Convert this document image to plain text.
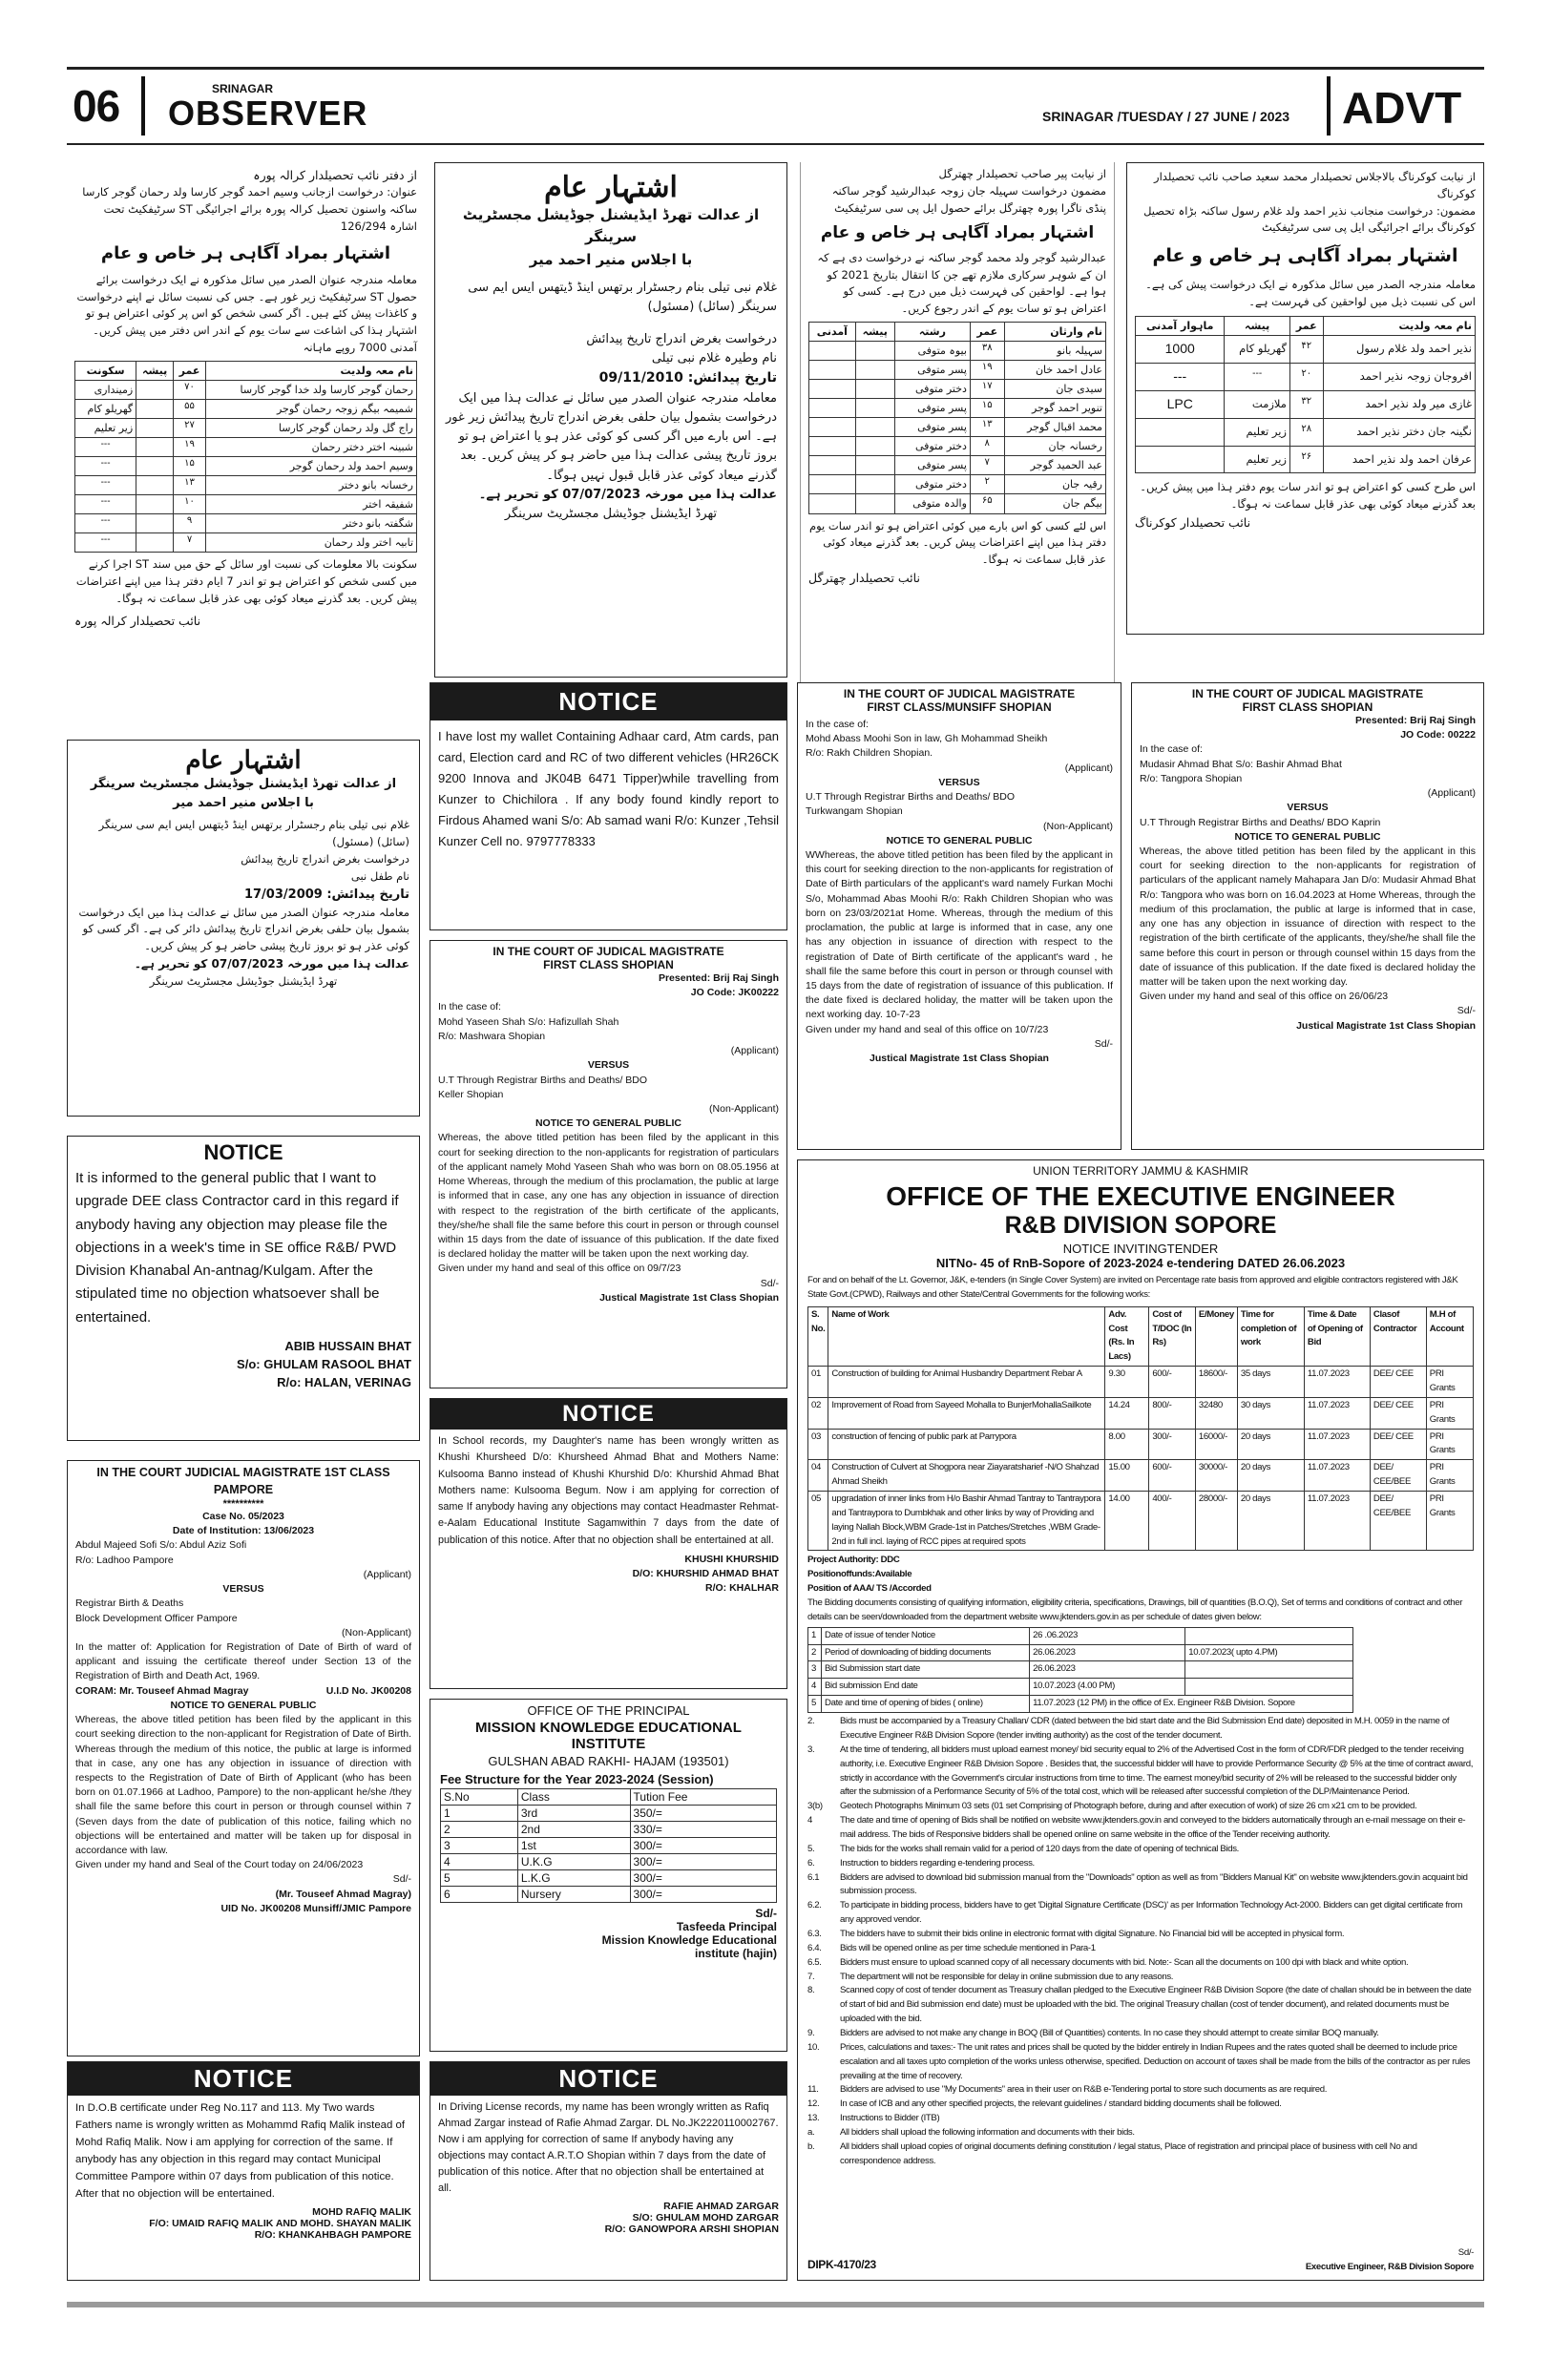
06	SRINAGAR
OBSERVER	SRINAGAR /TUESDAY / 27 JUNE / 2023 ADVT
از دفتر نائب تحصیلدار کرالہ پورہ
عنوان: درخواست ازجانب وسیم احمد گوجر کارسا ولد رحمان گوجر کارسا ساکنہ واسنون تحصیل کرالہ پورہ برائے اجرائیگی ST سرٹیفکیٹ تحت اشارہ 126/294
اشتہار بمراد آگاہی ہر خاص و عام
معاملہ مندرجہ عنوان الصدر میں سائل مذکورہ نے ایک درخواست برائے حصول ST سرٹیفکیٹ زیر غور ہے۔ جس کی نسبت سائل نے اپنے درخواست و کاغذات پیش کئے ہیں۔ اگر کسی شخص کو اس پر کوئی اعتراض ہو تو اشتہار ہذا کی اشاعت سے سات یوم کے اندر اس دفتر میں پیش کریں۔ آمدنی 7000 روپے ماہانہ
نام معہ ولدیت	عمر	پیشہ	سکونت
رحمان گوجر کارسا ولد خدا گوجر کارسا	۷۰		زمینداری
شمیمہ بیگم زوجہ رحمان گوجر	۵۵		گھریلو کام
راج گل ولد رحمان گوجر کارسا	۲۷		زیر تعلیم
شبینہ اختر دختر رحمان	۱۹		---
وسیم احمد ولد رحمان گوجر	۱۵		---
رخسانہ بانو دختر	۱۳		---
شفیقہ اختر	۱۰		---
شگفتہ بانو دختر	۹		---
تابیہ اختر ولد رحمان	۷		---
سکونت بالا معلومات کی نسبت اور سائل کے حق میں سند ST اجرا کرنے میں کسی شخص کو اعتراض ہو تو اندر 7 ایام دفتر ہذا میں اپنے اعتراضات پیش کریں۔ بعد گذرنے میعاد کوئی بھی عذر قابل سماعت نہ ہوگا۔
نائب تحصیلدار کرالہ پورہ
اشتہار عام
از عدالت تھرڈ ایڈیشنل جوڈیشل مجسٹریٹ سرینگر
با اجلاس منیر احمد میر
غلام نبی تیلی بنام رجسٹرار برتھس اینڈ ڈیتھس ایس ایم سی سرینگر (سائل) (مسئول)
درخواست بغرض اندراج تاریخ پیدائش
نام وطیرہ غلام نبی تیلی
تاریخ پیدائش: 09/11/2010
معاملہ مندرجہ عنوان الصدر میں سائل نے عدالت ہذا میں ایک درخواست بشمول بیان حلفی بغرض اندراج تاریخ پیدائش زیر غور ہے۔ اس بارے میں اگر کسی کو کوئی عذر ہو یا اعتراض ہو تو بروز تاریخ پیشی عدالت ہذا میں حاضر ہو کر پیش کریں۔ بعد گذرنے میعاد کوئی عذر قابل قبول نہیں ہوگا۔
عدالت ہذا میں مورخہ 07/07/2023 کو تحریر ہے۔
تھرڈ ایڈیشنل جوڈیشل مجسٹریٹ سرینگر
از نیابت پیر صاحب تحصیلدار چھترگل
مضمون درخواست سہیلہ جان زوجہ عبدالرشید گوجر ساکنہ پنڈی ناگرا پورہ چھترگل برائے حصول ایل پی سی سرٹیفکیٹ
اشتہار بمراد آگاہی ہر خاص و عام
عبدالرشید گوجر ولد محمد گوجر ساکنہ نے درخواست دی ہے کہ ان کے شوہر سرکاری ملازم تھے جن کا انتقال بتاریخ 2021 کو ہوا ہے۔ لواحقین کی فہرست ذیل میں درج ہے۔ کسی کو اعتراض ہو تو سات یوم کے اندر رجوع کریں۔
نام وارثان	عمر	رشتہ	پیشہ	آمدنی
سہیلہ بانو	۳۸	بیوہ متوفی		
عادل احمد خان	۱۹	پسر متوفی		
سیدی جان	۱۷	دختر متوفی		
تنویر احمد گوجر	۱۵	پسر متوفی		
محمد اقبال گوجر	۱۳	پسر متوفی		
رخسانہ جان	۸	دختر متوفی		
عبد الحمید گوجر	۷	پسر متوفی		
رقیہ جان	۲	دختر متوفی		
بیگم جان	۶۵	والدہ متوفی		
اس لئے کسی کو اس بارے میں کوئی اعتراض ہو تو اندر سات یوم دفتر ہذا میں اپنے اعتراضات پیش کریں۔ بعد گذرنے میعاد کوئی عذر قابل سماعت نہ ہوگا۔
نائب تحصیلدار چھترگل
از نیابت کوکرناگ بالاجلاس تحصیلدار محمد سعید صاحب نائب تحصیلدار کوکرناگ
مضمون: درخواست منجانب نذیر احمد ولد غلام رسول ساکنہ بڑاہ تحصیل کوکرناگ برائے اجرائیگی ایل پی سی سرٹیفکیٹ
اشتہار بمراد آگاہی ہر خاص و عام
معاملہ مندرجہ الصدر میں سائل مذکورہ نے ایک درخواست پیش کی ہے۔ اس کی نسبت ذیل میں لواحقین کی فہرست ہے۔
نام معہ ولدیت	عمر	پیشہ	ماہوار آمدنی
نذیر احمد ولد غلام رسول	۴۲	گھریلو کام	1000
افروجان زوجہ نذیر احمد	۲۰	---	---
غازی میر ولد نذیر احمد	۳۲	ملازمت	LPC
نگینہ جان دختر نذیر احمد	۲۸	زیر تعلیم	
عرفان احمد ولد نذیر احمد	۲۶	زیر تعلیم	
اس طرح کسی کو اعتراض ہو تو اندر سات یوم دفتر ہذا میں پیش کریں۔ بعد گذرنے میعاد کوئی بھی عذر قابل سماعت نہ ہوگا۔
نائب تحصیلدار کوکرناگ
اشتہار عام
از عدالت تھرڈ ایڈیشنل جوڈیشل مجسٹریٹ سرینگر
با اجلاس منیر احمد میر
غلام نبی تیلی بنام رجسٹرار برتھس اینڈ ڈیتھس ایس ایم سی سرینگر (سائل) (مسئول)
درخواست بغرض اندراج تاریخ پیدائش
نام طفل نبی
تاریخ پیدائش: 17/03/2009
معاملہ مندرجہ عنوان الصدر میں سائل نے عدالت ہذا میں ایک درخواست بشمول بیان حلفی بغرض اندراج تاریخ پیدائش دائر کی ہے۔ اگر کسی کو کوئی عذر ہو تو بروز تاریخ پیشی حاضر ہو کر پیش کریں۔
عدالت ہذا میں مورخہ 07/07/2023 کو تحریر ہے۔
تھرڈ ایڈیشنل جوڈیشل مجسٹریٹ سرینگر
NOTICE
I have lost my wallet Containing Adhaar card, Atm cards, pan card, Election card and RC of two different vehicles (HR26CK 9200 Innova and JK04B 6471 Tipper)while travelling from Kunzer to Chichilora . If any body found kindly report to Firdous Ahamed wani S/o: Ab samad wani R/o: Kunzer ,Tehsil Kunzer Cell no. 9797778333
IN THE COURT OF JUDICAL MAGISTRATE
FIRST CLASS/MUNSIFF SHOPIAN
In the case of:
Mohd Abass Moohi Son in law, Gh Mohammad Sheikh
R/o: Rakh Children Shopian.
(Applicant)
VERSUS
U.T Through Registrar Births and Deaths/ BDO
Turkwangam Shopian
(Non-Applicant)
NOTICE TO GENERAL PUBLIC
WWhereas, the above titled petition has been filed by the applicant in this court for seeking direction to the non-applicants for registration of Date of Birth particulars of the applicant's ward namely Furkan Mochi S/o, Mohammad Abas Moohi R/o: Rakh Children Shopian who was born on 23/03/2021at Home. Whereas, through the medium of this proclamation, the public at large is informed that in case, any one has any objection in issuance of direction with respect to the registration of Date of Birth certificate of the applicant's ward , he shall file the same before this court in person or through counsel with 15 days from the date of registration of issuance of this publication. If the date fixed is declared holiday, the matter will be taken upon the next working day. 10-7-23
Given under my hand and seal of this office on 10/7/23
Sd/-
Justical Magistrate 1st Class Shopian
IN THE COURT OF JUDICAL MAGISTRATE
FIRST CLASS SHOPIAN
Presented: Brij Raj Singh
JO Code: 00222
In the case of:
Mudasir Ahmad Bhat S/o: Bashir Ahmad Bhat
R/o: Tangpora Shopian
(Applicant)
VERSUS
U.T Through Registrar Births and Deaths/ BDO Kaprin
NOTICE TO GENERAL PUBLIC
Whereas, the above titled petition has been filed by the applicant in this court for seeking direction to the non-applicants for registration of particulars of the applicant namely Mahapara Jan D/o: Mudasir Ahmad Bhat R/o: Tangpora who was born on 16.04.2023 at Home Whereas, through the medium of this proclamation, the public at large is informed that in case, any one has any objection in issuance of direction with respect to the registration of the birth certificate of the applicants, they/she/he shall file the same before this court in person or through counsel within 15 days from the date of issuance of this publication. If the date fixed is declared holiday the matter will be taken upon the next working day.
Given under my hand and seal of this office on 26/06/23
Sd/-
Justical Magistrate 1st Class Shopian
IN THE COURT OF JUDICAL MAGISTRATE
FIRST CLASS SHOPIAN
Presented: Brij Raj Singh
JO Code: JK00222
In the case of:
Mohd Yaseen Shah S/o: Hafizullah Shah
R/o: Mashwara Shopian
(Applicant)
VERSUS
U.T Through Registrar Births and Deaths/ BDO
Keller Shopian
(Non-Applicant)
NOTICE TO GENERAL PUBLIC
Whereas, the above titled petition has been filed by the applicant in this court for seeking direction to the non-applicants for registration of particulars of the applicant namely Mohd Yaseen Shah who was born on 08.05.1956 at Home Whereas, through the medium of this proclamation, the public at large is informed that in case, any one has any objection in issuance of direction with respect to the registration of the birth certificate of the applicants, they/she/he shall file the same before this court in person or through counsel within 15 days from the date of issuance of this publication. If the date fixed is declared holiday the matter will be taken upon the next working day.
Given under my hand and seal of this office on 09/7/23
Sd/-
Justical Magistrate 1st Class Shopian
NOTICE
It is informed to the general public that I want to upgrade DEE class Contractor card in this regard if anybody having any objection may please file the objections in a week's time in SE office R&B/ PWD Division Khanabal An-antnag/Kulgam. After the stipulated time no objection whatsoever shall be entertained.
ABIB HUSSAIN BHAT
S/o: GHULAM RASOOL BHAT
R/o: HALAN, VERINAG
UNION TERRITORY JAMMU & KASHMIR
OFFICE OF THE EXECUTIVE ENGINEER
R&B DIVISION SOPORE
NOTICE INVITINGTENDER
NITNo- 45 of RnB-Sopore of 2023-2024 e-tendering DATED 26.06.2023
For and on behalf of the Lt. Governor, J&K, e-tenders (in Single Cover System) are invited on Percentage rate basis from approved and eligible contractors registered with J&K State Govt.(CPWD), Railways and other State/Central Governments for the following works:
S. No.	Name of Work	Adv. Cost (Rs. In Lacs)	Cost of T/DOC (In Rs)	E/Money	Time for completion of work	Time & Date of Opening of Bid	Clasof Contractor	M.H of Account
01	Construction of building for Animal Husbandry Department Rebar A	9.30	600/-	18600/-	35 days	11.07.2023	DEE/ CEE	PRI Grants
02	Improvement of Road from Sayeed Mohalla to BunjerMohallaSailkote	14.24	800/-	32480	30 days	11.07.2023	DEE/ CEE	PRI Grants
03	construction of fencing of public park at Parrypora	8.00	300/-	16000/-	20 days	11.07.2023	DEE/ CEE	PRI Grants
04	Construction of Culvert at Shogpora near Ziayaratsharief -N/O Shahzad Ahmad Sheikh	15.00	600/-	30000/-	20 days	11.07.2023	DEE/ CEE/BEE	PRI Grants
05	upgradation of inner links from H/o Bashir Ahmad Tantray to Tantraypora and Tantraypora to Dumbkhak and other links by way of Providing and laying Nallah Block,WBM Grade-1st in Patches/Stretches ,WBM Grade-2nd in full incl. laying of RCC pipes at required spots	14.00	400/-	28000/-	20 days	11.07.2023	DEE/ CEE/BEE	PRI Grants
Project Authority: DDC
Positionoffunds:Available
Position of AAA/ TS /Accorded
The Bidding documents consisting of qualifying information, eligibility criteria, specifications, Drawings, bill of quantities (B.O.Q), Set of terms and conditions of contract and other details can be seen/downloaded from the department website www.jktenders.gov.in as per schedule of dates given below:
1	Date of issue of tender Notice	26 .06.2023	
2	Period of downloading of bidding documents	26.06.2023	10.07.2023( upto 4.PM)
3	Bid Submission start date	26.06.2023	
4	Bid submission End date	10.07.2023 (4.00 PM)	
5	Date and time of opening of bides ( online)	11.07.2023 (12 PM) in the office of Ex. Engineer R&B Division. Sopore	
2.	Bids must be accompanied by a Treasury Challan/ CDR (dated between the bid start date and the Bid Submission End date) deposited in M.H. 0059 in the name of Executive Engineer R&B Division Sopore (tender inviting authority) as the cost of the tender document.
3.	At the time of tendering, all bidders must upload earnest money/ bid security equal to 2% of the Advertised Cost in the form of CDR/FDR pledged to the tender receiving authority, i.e. Executive Engineer R&B Division Sopore . Besides that, the successful bidder will have to provide Performance Security @ 5% at the time of contract award, strictly in accordance with the Government's circular instructions from time to time. The earnest money/bid security of 2% will be released to the successful bidder only after the submission of a Performance Security of 5% of the total cost, which will be released after successful completion of the DLP/Maintenance Period.
3(b)	Geotech Photographs Minimum 03 sets (01 set Comprising of Photograph before, during and after execution of work) of size 26 cm x21 cm to be provided.
4	The date and time of opening of Bids shall be notified on website www.jktenders.gov.in and conveyed to the bidders automatically through an e-mail message on their e-mail address. The bids of Responsive bidders shall be opened online on same website in the office of the Tender receiving authority.
5.	The bids for the works shall remain valid for a period of 120 days from the date of opening of technical Bids.
6.	Instruction to bidders regarding e-tendering process.
6.1	Bidders are advised to download bid submission manual from the "Downloads" option as well as from "Bidders Manual Kit" on website www.jktenders.gov.in acquaint bid submission process.
6.2.	To participate in bidding process, bidders have to get 'Digital Signature Certificate (DSC)' as per Information Technology Act-2000. Bidders can get digital certificate from any approved vendor.
6.3.	The bidders have to submit their bids online in electronic format with digital Signature. No Financial bid will be accepted in physical form.
6.4.	Bids will be opened online as per time schedule mentioned in Para-1
6.5.	Bidders must ensure to upload scanned copy of all necessary documents with bid. Note:- Scan all the documents on 100 dpi with black and white option.
7.	The department will not be responsible for delay in online submission due to any reasons.
8.	Scanned copy of cost of tender document as Treasury challan pledged to the Executive Engineer R&B Division Sopore (the date of challan should be in between the date of start of bid and Bid submission end date) must be uploaded with the bid. The original Treasury challan (cost of tender document), and related documents must be uploaded with the bid.
9.	Bidders are advised to not make any change in BOQ (Bill of Quantities) contents. In no case they should attempt to create similar BOQ manually.
10.	Prices, calculations and taxes:- The unit rates and prices shall be quoted by the bidder entirely in Indian Rupees and the rates quoted shall be deemed to include price escalation and all taxes upto completion of the works unless otherwise, specified. Deduction on account of taxes shall be made from the bills of the contractor as per rules prevailing at the time of recovery.
11.	Bidders are advised to use "My Documents" area in their user on R&B e-Tendering portal to store such documents as are required.
12.	In case of ICB and any other specified projects, the relevant guidelines / standard bidding documents shall be followed.
13.	Instructions to Bidder (ITB)
a.	All bidders shall upload the following information and documents with their bids.
b.	All bidders shall upload copies of original documents defining constitution / legal status, Place of registration and principal place of business with cell No and correspondence address.
DIPK-4170/23
Sd/-
Executive Engineer, R&B Division Sopore
NOTICE
In School records, my Daughter's name has been wrongly written as Khushi Khursheed D/o: Khursheed Ahmad Bhat and Mothers Name: Kulsooma Banno instead of Khushi Khurshid D/o: Khurshid Ahmad Bhat Mothers name: Kulsooma Begum. Now i am applying for correction of same If anybody having any objections may contact Headmaster Rehmat-e-Aalam Educational Institute Sagamwithin 7 days from the date of publication of this notice. After that no objection shall be entertained at all.
KHUSHI KHURSHID
D/O: KHURSHID AHMAD BHAT
R/O: KHALHAR
IN THE COURT JUDICIAL MAGISTRATE 1ST CLASS PAMPORE
**********
Case No. 05/2023
Date of Institution: 13/06/2023
Abdul Majeed Sofi S/o: Abdul Aziz Sofi
R/o: Ladhoo Pampore
(Applicant)
VERSUS
Registrar Birth & Deaths
Block Development Officer Pampore
(Non-Applicant)
In the matter of: Application for Registration of Date of Birth of ward of applicant and issuing the certificate thereof under Section 13 of the Registration of Birth and Death Act, 1969.
CORAM: Mr. Touseef Ahmad Magray	U.I.D No. JK00208
NOTICE TO GENERAL PUBLIC
Whereas, the above titled petition has been filed by the applicant in this court seeking direction to the non-applicant for Registration of Date of Birth. Whereas through the medium of this notice, the public at large is informed that in case, any one has any objection in issuance of direction with respects to the Registration of Date of Birth of Applicant (who has been born on 01.07.1966 at Ladhoo, Pampore) to the non-applicant he/she /they shall file the same before this court in person or through counsel within 7 (Seven days from the date of publication of this notice, failing which no objections will be entertained and matter will be taken up for disposal in accordance with law.
Given under my hand and Seal of the Court today on 24/06/2023
Sd/-
(Mr. Touseef Ahmad Magray)
UID No. JK00208 Munsiff/JMIC Pampore
OFFICE OF THE PRINCIPAL
MISSION KNOWLEDGE EDUCATIONAL
INSTITUTE
GULSHAN ABAD RAKHI- HAJAM (193501)
Fee Structure for the Year 2023-2024 (Session)
S.No	Class	Tution Fee
1	3rd	350/=
2	2nd	330/=
3	1st	300/=
4	U.K.G	300/=
5	L.K.G	300/=
6	Nursery	300/=
Sd/-
Tasfeeda Principal
Mission Knowledge Educational
institute (hajin)
NOTICE
In D.O.B certificate under Reg No.117 and 113. My Two wards Fathers name is wrongly written as Mohammd Rafiq Malik instead of Mohd Rafiq Malik. Now i am applying for correction of the same. If anybody has any objection in this regard may contact Municipal Committee Pampore within 07 days from publication of this notice. After that no objection will be entertained.
MOHD RAFIQ MALIK
F/O: UMAID RAFIQ MALIK AND MOHD. SHAYAN MALIK
R/O: KHANKAHBAGH PAMPORE
NOTICE
In Driving License records, my name has been wrongly written as Rafiq Ahmad Zargar instead of Rafie Ahmad Zargar. DL No.JK2220110002767. Now i am applying for correction of same If anybody having any objections may contact A.R.T.O Shopian within 7 days from the date of publication of this notice. After that no objection shall be entertained at all.
RAFIE AHMAD ZARGAR
S/O: GHULAM MOHD ZARGAR
R/O: GANOWPORA ARSHI SHOPIAN
